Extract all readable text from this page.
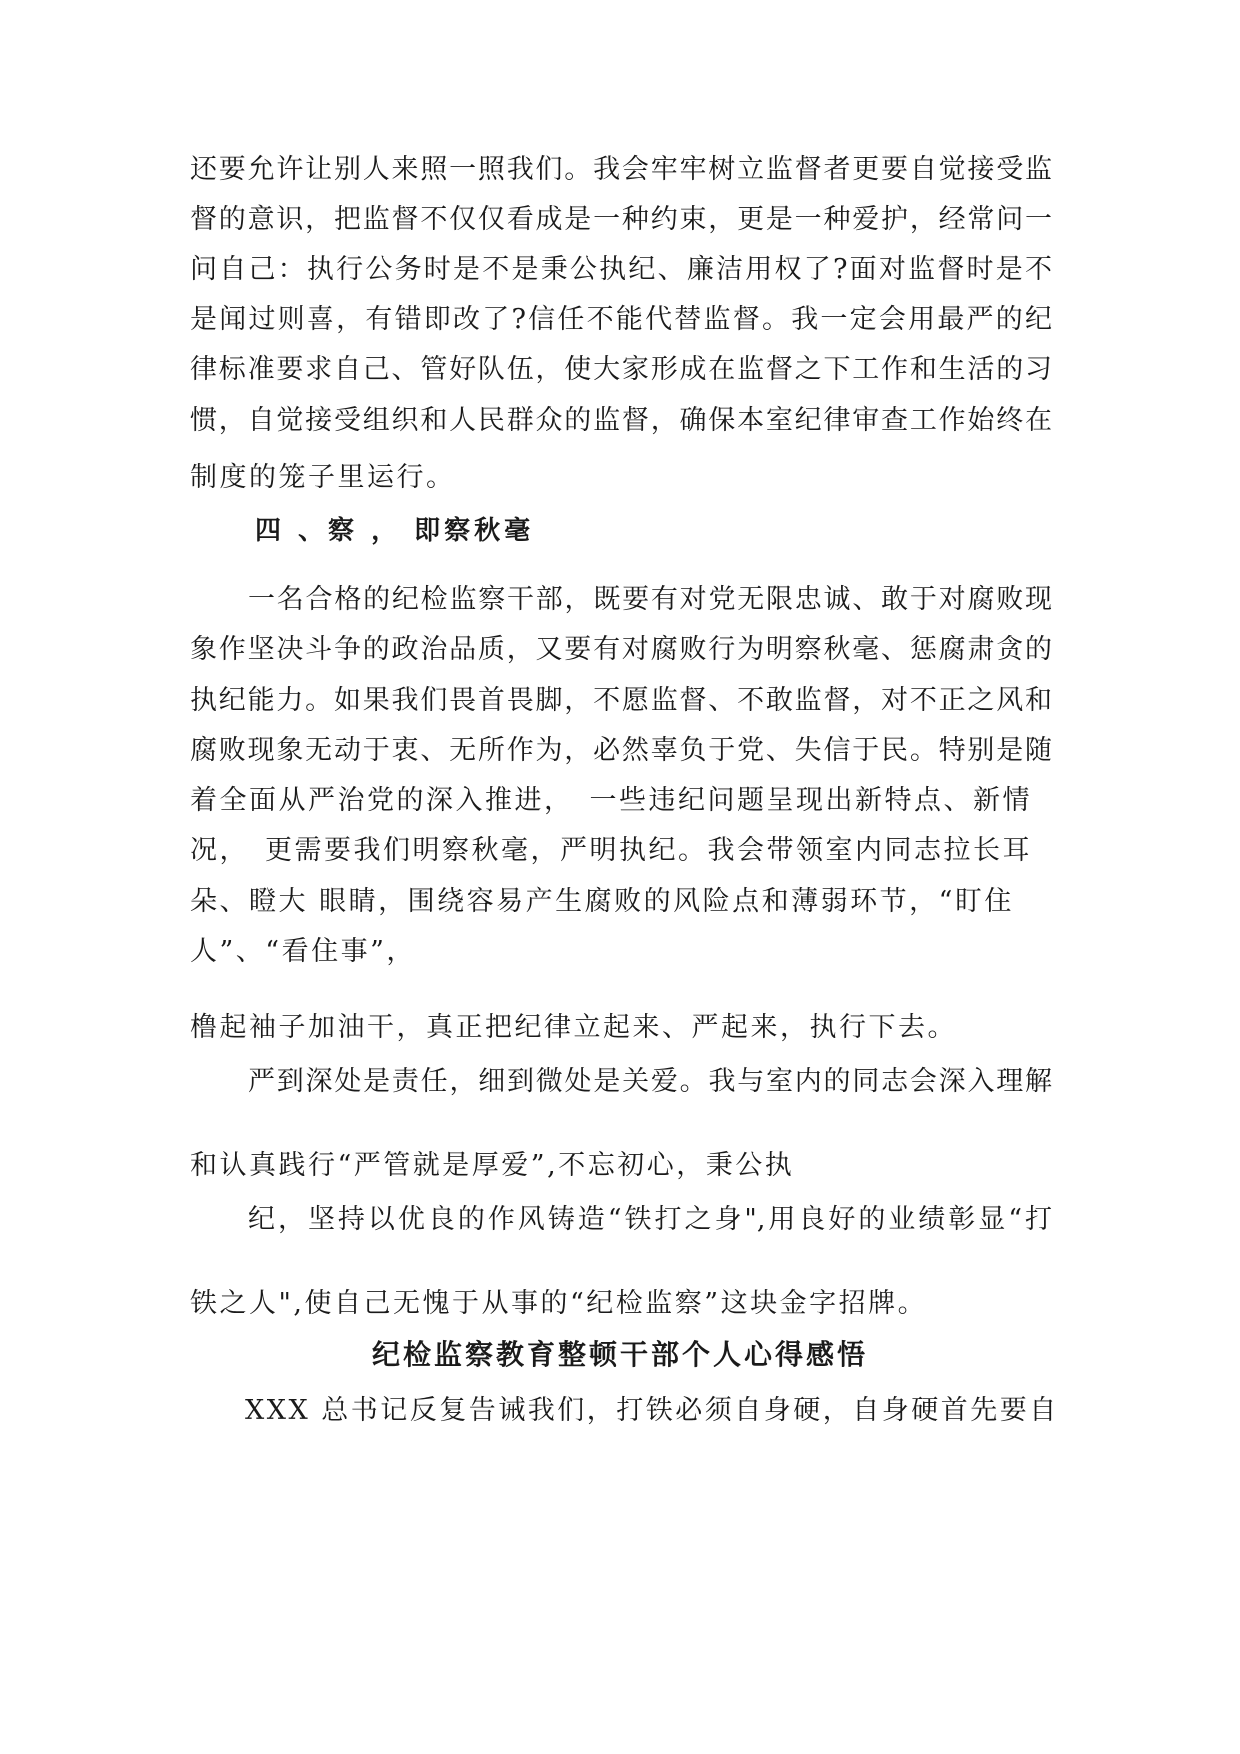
还要允许让别人来照一照我们。我会牢牢树立监督者更要自觉接受监
督的意识，把监督不仅仅看成是一种约束，更是一种爱护，经常问一
问自己：执行公务时是不是秉公执纪、廉洁用权了?面对监督时是不
是闻过则喜，有错即改了?信任不能代替监督。我一定会用最严的纪
律标准要求自己、管好队伍，使大家形成在监督之下工作和生活的习
惯，自觉接受组织和人民群众的监督，确保本室纪律审查工作始终在
制度的笼子里运行。
四 、察 ， 即察秋毫
一名合格的纪检监察干部，既要有对党无限忠诚、敢于对腐败现
象作坚决斗争的政治品质，又要有对腐败行为明察秋毫、惩腐肃贪的
执纪能力。如果我们畏首畏脚，不愿监督、不敢监督，对不正之风和
腐败现象无动于衷、无所作为，必然辜负于党、失信于民。特别是随
着全面从严治党的深入推进，　一些违纪问题呈现出新特点、新情
况，　更需要我们明察秋毫，严明执纪。我会带领室内同志拉长耳
朵、瞪大 眼睛，围绕容易产生腐败的风险点和薄弱环节，“盯住
人”、“看住事”，
橹起袖子加油干，真正把纪律立起来、严起来，执行下去。
严到深处是责任，细到微处是关爱。我与室内的同志会深入理解
和认真践行“严管就是厚爱”,不忘初心，秉公执
纪，坚持以优良的作风铸造“铁打之身",用良好的业绩彰显“打
铁之人",使自己无愧于从事的“纪检监察”这块金字招牌。
纪检监察教育整顿干部个人心得感悟
XXX 总书记反复告诫我们，打铁必须自身硬，自身硬首先要自
